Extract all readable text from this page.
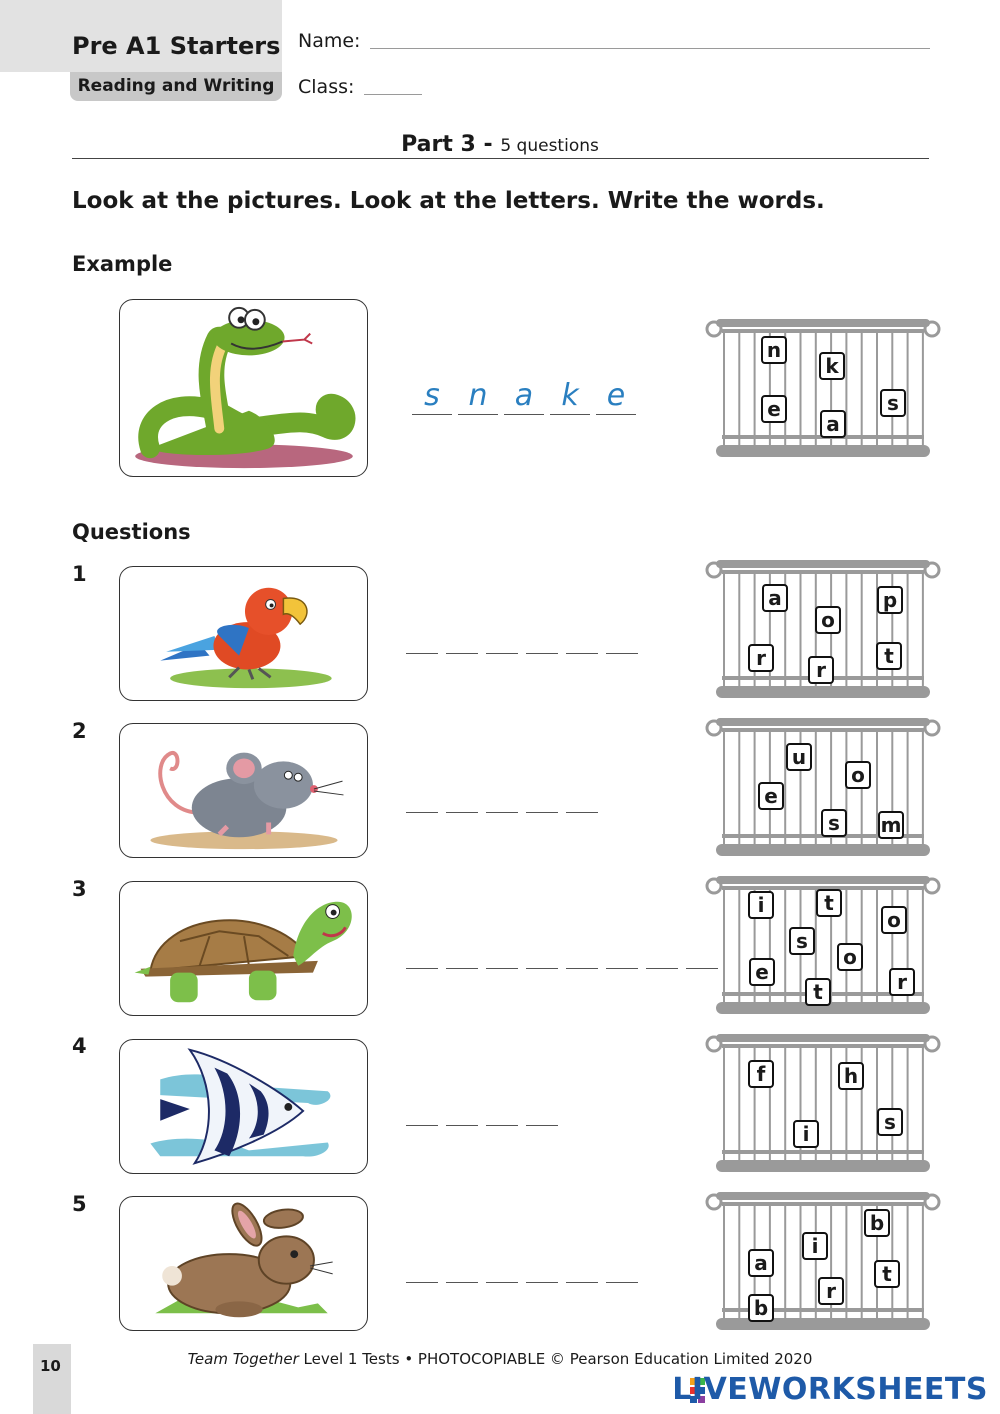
Pre A1 Starters
Reading and Writing
Name:
Class:
Part 3 - 5 questions
Look at the pictures. Look at the letters. Write the words.
Example
s n a k e
n
k
e
a
s
Questions
1
a
o
p
r	r
t
2
u
o
e
s	m
3
i	t
o
s
o
e
t	r
4
f	h
s
i
5
b
i
a	t
r
b
10	Team Together Level 1 Tests • PHOTOCOPIABLE © Pearson Education Limited 2020
LIVEWORKSHEETS
